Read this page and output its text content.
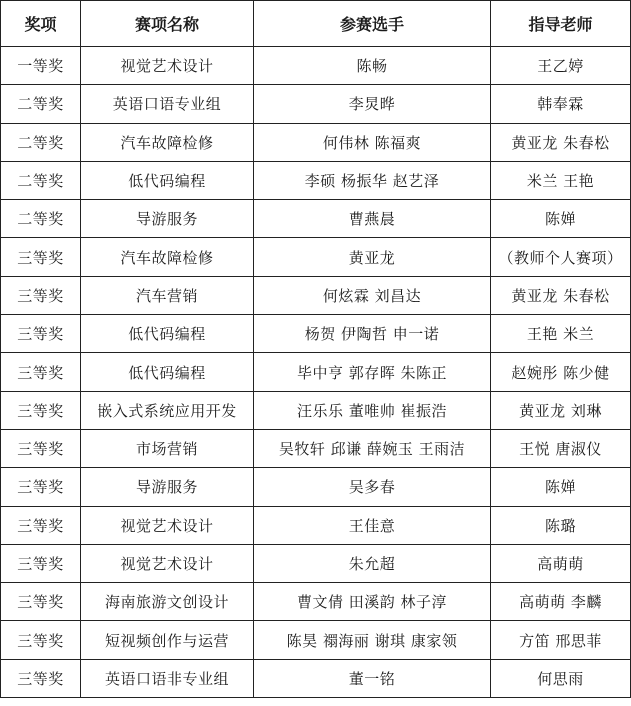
奖项	赛项名称	参赛选手	指导老师
一等奖	视觉艺术设计	陈畅	王乙婷
二等奖	英语口语专业组	李炅晔	韩奉霖
二等奖	汽车故障检修	何伟林 陈福爽	黄亚龙 朱春松
二等奖	低代码编程	李硕 杨振华 赵艺泽	米兰 王艳
二等奖	导游服务	曹燕晨	陈婵
三等奖	汽车故障检修	黄亚龙	（教师个人赛项）
三等奖	汽车营销	何炫霖 刘昌达	黄亚龙 朱春松
三等奖	低代码编程	杨贺 伊陶哲 申一诺	王艳 米兰
三等奖	低代码编程	毕中亨 郭存晖 朱陈正	赵婉彤 陈少健
三等奖	嵌入式系统应用开发	汪乐乐 董唯帅 崔振浩	黄亚龙 刘琳
三等奖	市场营销	吴牧轩 邱谦 薛婉玉 王雨洁	王悦 唐淑仪
三等奖	导游服务	吴多春	陈婵
三等奖	视觉艺术设计	王佳意	陈璐
三等奖	视觉艺术设计	朱允超	高萌萌
三等奖	海南旅游文创设计	曹文倩 田溪韵 林子淳	高萌萌 李麟
三等奖	短视频创作与运营	陈昊 禤海丽 谢琪 康家领	方笛 邢思菲
三等奖	英语口语非专业组	董一铭	何思雨
